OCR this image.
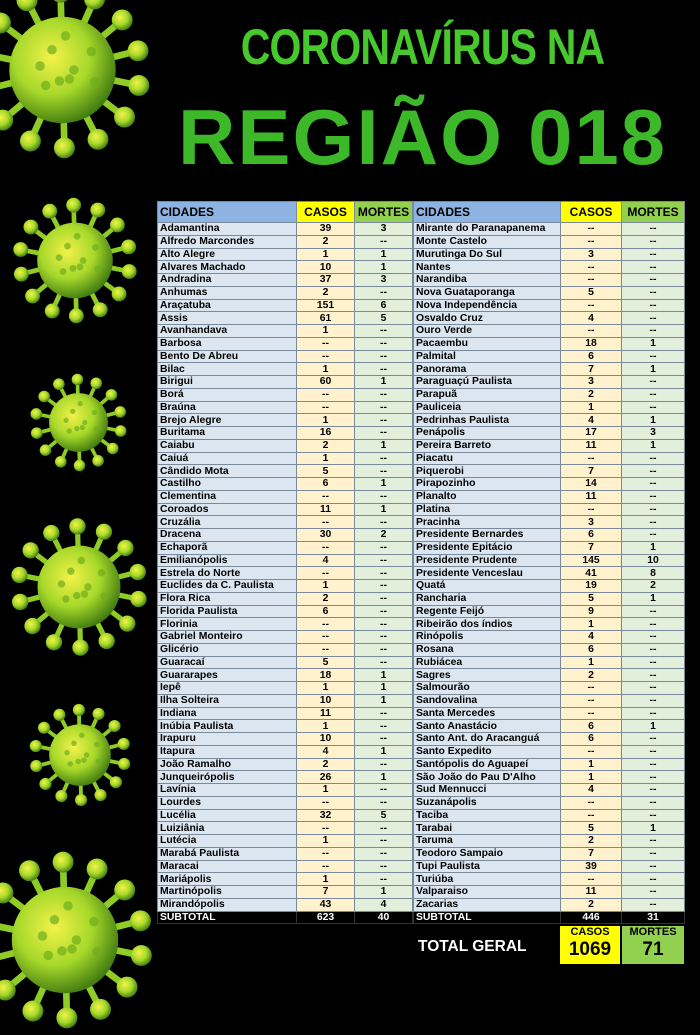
CORONAVÍRUS NA
REGIÃO 018
CIDADES	CASOS	MORTES
Adamantina	39	3
Alfredo Marcondes	2	--
Alto Alegre	1	1
Alvares Machado	10	1
Andradina	37	3
Anhumas	2	--
Araçatuba	151	6
Assis	61	5
Avanhandava	1	--
Barbosa	--	--
Bento De Abreu	--	--
Bilac	1	--
Birigui	60	1
Borá	--	--
Braúna	--	--
Brejo Alegre	1	--
Buritama	16	--
Caiabu	2	1
Caiuá	1	--
Cândido Mota	5	--
Castilho	6	1
Clementina	--	--
Coroados	11	1
Cruzália	--	--
Dracena	30	2
Echaporã	--	--
Emilianópolis	4	--
Estrela do Norte	--	--
Euclides da C. Paulista	1	--
Flora Rica	2	--
Florida Paulista	6	--
Florinia	--	--
Gabriel Monteiro	--	--
Glicério	--	--
Guaracaí	5	--
Guararapes	18	1
Iepê	1	1
Ilha Solteira	10	1
Indiana	11	--
Inúbia Paulista	1	--
Irapuru	10	--
Itapura	4	1
João Ramalho	2	--
Junqueirópolis	26	1
Lavínia	1	--
Lourdes	--	--
Lucélia	32	5
Luiziânia	--	--
Lutécia	1	--
Marabá Paulista	--	--
Maracai	--	--
Mariápolis	1	--
Martinópolis	7	1
Mirandópolis	43	4
SUBTOTAL	623	40
CIDADES	CASOS	MORTES
Mirante do Paranapanema	--	--
Monte Castelo	--	--
Murutinga Do Sul	3	--
Nantes	--	--
Narandiba	--	--
Nova Guataporanga	5	--
Nova Independência	--	--
Osvaldo Cruz	4	--
Ouro Verde	--	--
Pacaembu	18	1
Palmital	6	--
Panorama	7	1
Paraguaçú Paulista	3	--
Parapuã	2	--
Pauliceia	1	--
Pedrinhas Paulista	4	1
Penápolis	17	3
Pereira Barreto	11	1
Piacatu	--	--
Piquerobi	7	--
Pirapozinho	14	--
Planalto	11	--
Platina	--	--
Pracinha	3	--
Presidente Bernardes	6	--
Presidente Epitácio	7	1
Presidente Prudente	145	10
Presidente Venceslau	41	8
Quatá	19	2
Rancharia	5	1
Regente Feijó	9	--
Ribeirão dos índios	1	--
Rinópolis	4	--
Rosana	6	--
Rubiácea	1	--
Sagres	2	--
Salmourão	--	--
Sandovalina	--	--
Santa Mercedes	--	--
Santo Anastácio	6	1
Santo Ant. do Aracanguá	6	--
Santo Expedito	--	--
Santópolis do Aguapeí	1	--
São João do Pau D'Alho	1	--
Sud Mennucci	4	--
Suzanápolis	--	--
Taciba	--	--
Tarabai	5	1
Taruma	2	--
Teodoro Sampaio	7	--
Tupi Paulista	39	--
Turiúba	--	--
Valparaiso	11	--
Zacarias	2	--
SUBTOTAL	446	31
TOTAL GERAL
CASOS
1069
MORTES
71
